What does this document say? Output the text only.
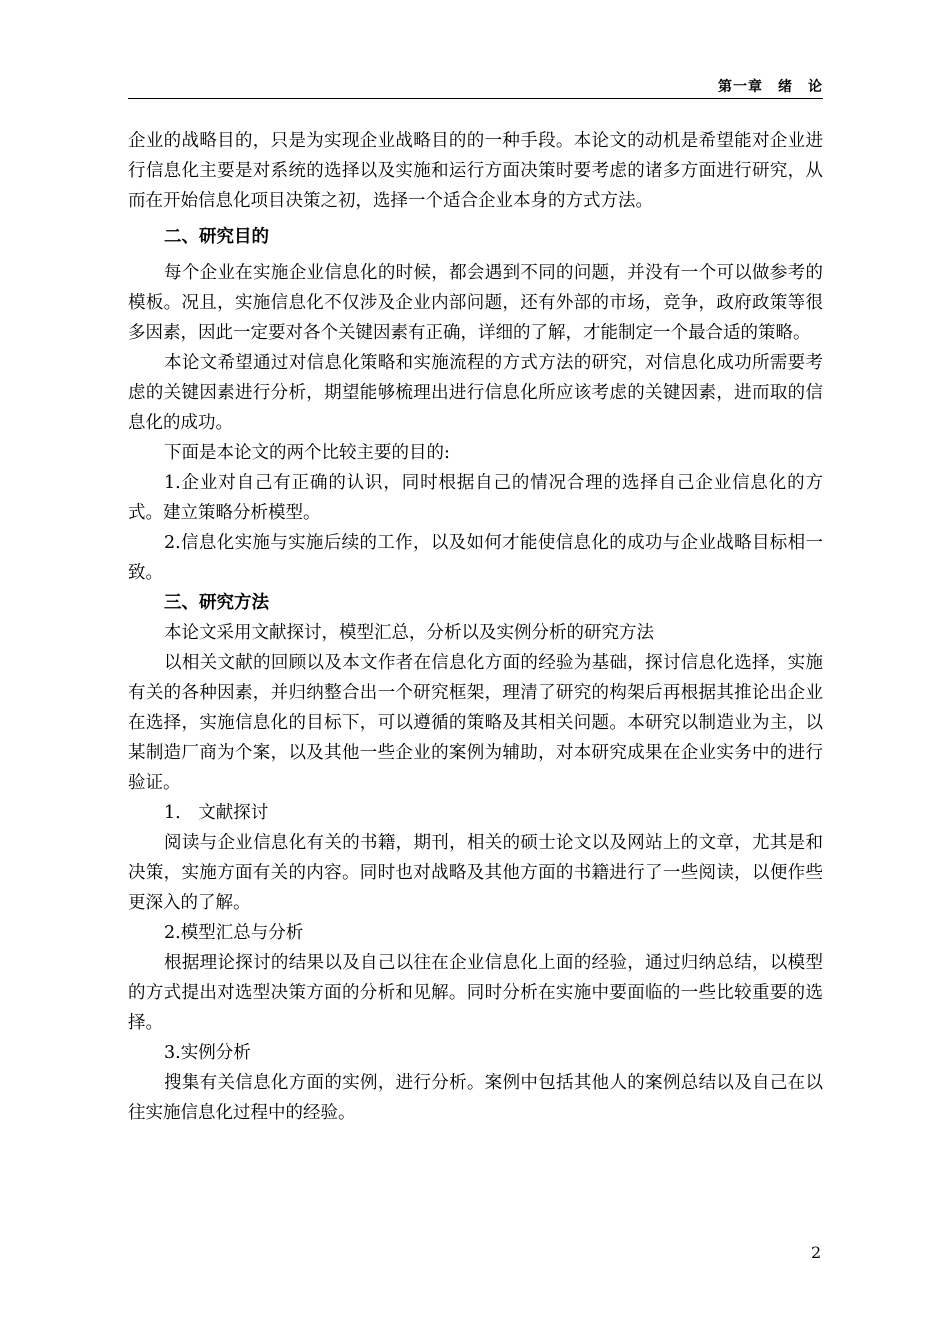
第一章　绪　论

企业的战略目的，只是为实现企业战略目的的一种手段。本论文的动机是希望能对企业进行信息化主要是对系统的选择以及实施和运行方面决策时要考虑的诸多方面进行研究，从而在开始信息化项目决策之初，选择一个适合企业本身的方式方法。

二、研究目的

每个企业在实施企业信息化的时候，都会遇到不同的问题，并没有一个可以做参考的模板。况且，实施信息化不仅涉及企业内部问题，还有外部的市场，竞争，政府政策等很多因素，因此一定要对各个关键因素有正确，详细的了解，才能制定一个最合适的策略。

本论文希望通过对信息化策略和实施流程的方式方法的研究，对信息化成功所需要考虑的关键因素进行分析，期望能够梳理出进行信息化所应该考虑的关键因素，进而取的信息化的成功。

下面是本论文的两个比较主要的目的:

1.企业对自己有正确的认识，同时根据自己的情况合理的选择自己企业信息化的方式。建立策略分析模型。

2.信息化实施与实施后续的工作，以及如何才能使信息化的成功与企业战略目标相一致。

三、研究方法

本论文采用文献探讨，模型汇总，分析以及实例分析的研究方法

以相关文献的回顾以及本文作者在信息化方面的经验为基础，探讨信息化选择，实施有关的各种因素，并归纳整合出一个研究框架，理清了研究的构架后再根据其推论出企业在选择，实施信息化的目标下，可以遵循的策略及其相关问题。本研究以制造业为主，以某制造厂商为个案，以及其他一些企业的案例为辅助，对本研究成果在企业实务中的进行验证。

1.　文献探讨

阅读与企业信息化有关的书籍，期刊，相关的硕士论文以及网站上的文章，尤其是和决策，实施方面有关的内容。同时也对战略及其他方面的书籍进行了一些阅读，以便作些更深入的了解。

2.模型汇总与分析

根据理论探讨的结果以及自己以往在企业信息化上面的经验，通过归纳总结，以模型的方式提出对选型决策方面的分析和见解。同时分析在实施中要面临的一些比较重要的选择。

3.实例分析

搜集有关信息化方面的实例，进行分析。案例中包括其他人的案例总结以及自己在以往实施信息化过程中的经验。

2
